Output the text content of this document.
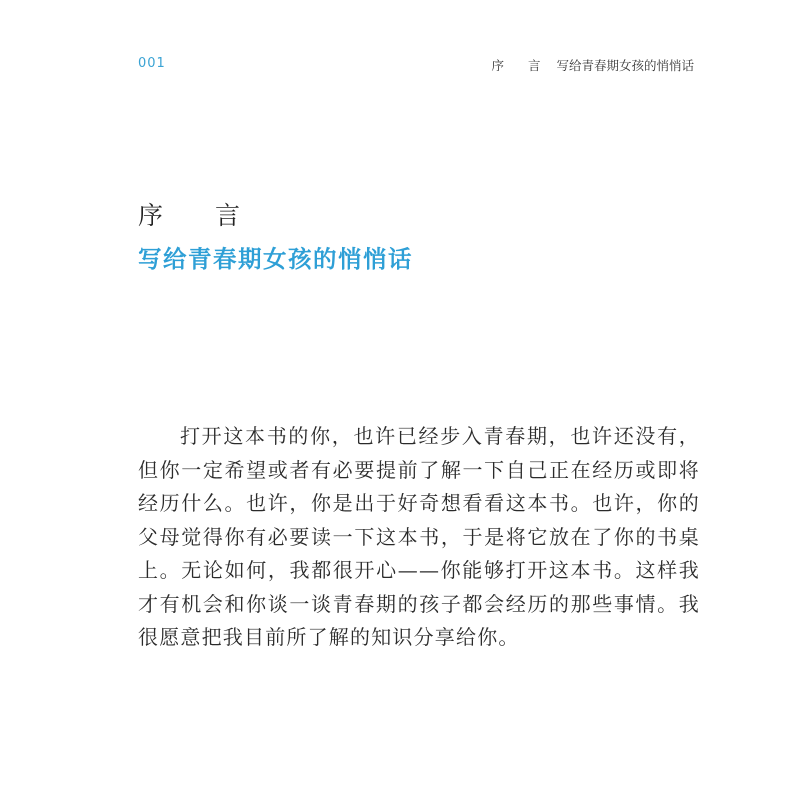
001	序 言 写给青春期女孩的悄悄话
序 言
写给青春期女孩的悄悄话

打开这本书的你，也许已经步入青春期，也许还没有，但你一定希望或者有必要提前了解一下自己正在经历或即将经历什么。也许，你是出于好奇想看看这本书。也许，你的父母觉得你有必要读一下这本书，于是将它放在了你的书桌上。无论如何，我都很开心——你能够打开这本书。这样我才有机会和你谈一谈青春期的孩子都会经历的那些事情。我很愿意把我目前所了解的知识分享给你。
